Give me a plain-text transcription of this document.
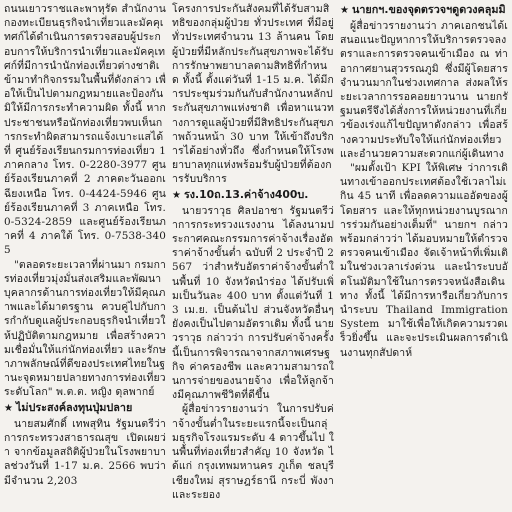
ถนนเยาวราชและพาหุรัด สำนักงานกองทะเบียนธุรกิจนำเที่ยวและมัคคุเทศก์ได้ดำเนินการตรวจสอบผู้ประกอบการให้บริการนำเที่ยวและมัคคุเทศก์ที่มีการนำนักท่องเที่ยวต่างชาติเข้ามาทำกิจกรรมในพื้นที่ดังกล่าว เพื่อให้เป็นไปตามกฎหมายและป้องกันมิให้มีการกระทำความผิด ทั้งนี้ หากประชาชนหรือนักท่องเที่ยวพบเห็นการกระทำผิดสามารถแจ้งเบาะแสได้ที่ ศูนย์ร้องเรียนกรมการท่องเที่ยว 1 ภาคกลาง โทร. 0-2280-3977 ศูนย์ร้องเรียนภาคที่ 2 ภาคตะวันออกเฉียงเหนือ โทร. 0-4424-5946 ศูนย์ร้องเรียนภาคที่ 3 ภาคเหนือ โทร. 0-5324-2859 และศูนย์ร้องเรียนภาคที่ 4 ภาคใต้ โทร. 0-7538-3405

"ตลอดระยะเวลาที่ผ่านมา กรมการท่องเที่ยวมุ่งมั่นส่งเสริมและพัฒนาบุคลากรด้านการท่องเที่ยวให้มีคุณภาพและได้มาตรฐาน ควบคู่ไปกับการกำกับดูแลผู้ประกอบธุรกิจนำเที่ยวให้ปฏิบัติตามกฎหมาย เพื่อสร้างความเชื่อมั่นให้แก่นักท่องเที่ยว และรักษาภาพลักษณ์ที่ดีของประเทศไทยในฐานะจุดหมายปลายทางการท่องเที่ยวระดับโลก" พ.ต.ต. หญิง ดุลพากย์

★ ไม่ประสงค์ลงทุนปุ่มปลาย

นายสมศักดิ์ เทพสุทิน รัฐมนตรีว่าการกระทรวงสาธารณสุข เปิดเผยว่า จากข้อมูลสถิติผู้ป่วยในโรงพยาบาลช่วงวันที่ 1-17 ม.ค. 2566 พบว่ามีจำนวน 2,203

โครงการประกันสังคมที่ได้รับสามสิทธิของกลุ่มผู้ป่วย ทั่วประเทศ ที่มีอยู่ทั่วประเทศจำนวน 13 ล้านคน โดยผู้ป่วยที่มีหลักประกันสุขภาพจะได้รับการรักษาพยาบาลตามสิทธิที่กำหนด ทั้งนี้ ตั้งแต่วันที่ 1-15 ม.ค. ได้มีการประชุมร่วมกันกับสำนักงานหลักประกันสุขภาพแห่งชาติ เพื่อหาแนวทางการดูแลผู้ป่วยที่มีสิทธิประกันสุขภาพถ้วนหน้า 30 บาท ให้เข้าถึงบริการได้อย่างทั่วถึง ซึ่งกำหนดให้โรงพยาบาลทุกแห่งพร้อมรับผู้ป่วยที่ต้องการรับบริการ

★ รง.10ถ.13.ค่าจ้าง400บ.

นายวราวุธ ศิลปอาชา รัฐมนตรีว่าการกระทรวงแรงงาน ได้ลงนามประกาศคณะกรรมการค่าจ้างเรื่องอัตราค่าจ้างขั้นต่ำ ฉบับที่ 2 ประจำปี 2567 ว่าสำหรับอัตราค่าจ้างขั้นต่ำในพื้นที่ 10 จังหวัดนำร่อง ได้ปรับเพิ่มเป็นวันละ 400 บาท ตั้งแต่วันที่ 13 เม.ย. เป็นต้นไป ส่วนจังหวัดอื่นๆ ยังคงเป็นไปตามอัตราเดิม ทั้งนี้ นายวราวุธ กล่าวว่า การปรับค่าจ้างครั้งนี้เป็นการพิจารณาจากสภาพเศรษฐกิจ ค่าครองชีพ และความสามารถในการจ่ายของนายจ้าง เพื่อให้ลูกจ้างมีคุณภาพชีวิตที่ดีขึ้น

ผู้สื่อข่าวรายงานว่า ในการปรับค่าจ้างขั้นต่ำในระยะแรกนี้จะเป็นกลุ่มธุรกิจโรงแรมระดับ 4 ดาวขึ้นไป ในพื้นที่ท่องเที่ยวสำคัญ 10 จังหวัด ได้แก่ กรุงเทพมหานคร ภูเก็ต ชลบุรี เชียงใหม่ สุราษฎร์ธานี กระบี่ พังงา และระยอง

★ นายกฯ.ของจุดตรวจฯดูดวงคลุมมิ

ผู้สื่อข่าวรายงานว่า ภาคเอกชนได้เสนอแนะปัญหาการให้บริการตรวจลงตราและการตรวจคนเข้าเมือง ณ ท่าอากาศยานสุวรรณภูมิ ซึ่งมีผู้โดยสารจำนวนมากในช่วงเทศกาล ส่งผลให้ระยะเวลาการรอคอยยาวนาน นายกรัฐมนตรีจึงได้สั่งการให้หน่วยงานที่เกี่ยวข้องเร่งแก้ไขปัญหาดังกล่าว เพื่อสร้างความประทับใจให้แก่นักท่องเที่ยวและอำนวยความสะดวกแก่ผู้เดินทาง

"ผมตั้งเป้า KPI ให้พิเศษ ว่าการเดินทางเข้าออกประเทศต้องใช้เวลาไม่เกิน 45 นาที เพื่อลดความแออัดของผู้โดยสาร และให้ทุกหน่วยงานบูรณาการร่วมกันอย่างเต็มที่" นายกฯ กล่าว พร้อมกล่าวว่า ได้มอบหมายให้ตำรวจตรวจคนเข้าเมือง จัดเจ้าหน้าที่เพิ่มเติมในช่วงเวลาเร่งด่วน และนำระบบอัตโนมัติมาใช้ในการตรวจหนังสือเดินทาง ทั้งนี้ ได้มีการหารือเกี่ยวกับการนำระบบ Thailand Immigration System มาใช้เพื่อให้เกิดความรวดเร็วยิ่งขึ้น และจะประเมินผลการดำเนินงานทุกสัปดาห์
